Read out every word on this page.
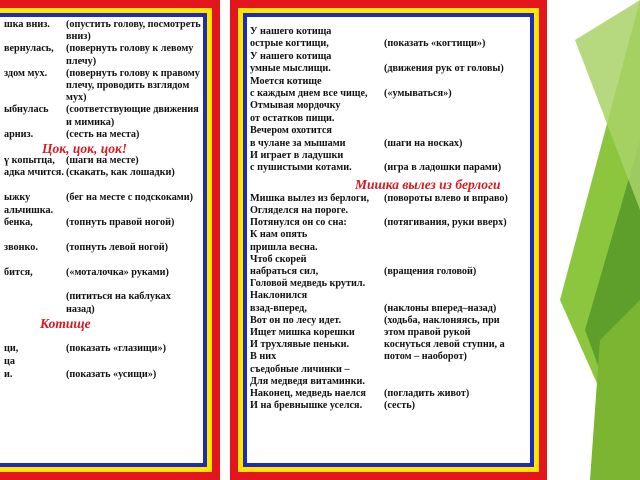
шка вниз. (опустить голову, посмотреть
вниз)
вернулась, (повернуть голову к левому
плечу)
здом мух. (повернуть голову к правому
плечу, проводить взглядом
мух)
ыбнулась (соответствующие движения
и мимика)
арниз.	(сесть на места)
Цок, цок, цок!
ү копытца, (шаги на месте)
адка мчится. (скакать, как лошадки)
ыжку	(бег на месте с подскоками)
альчишка.
бенка,	(топнуть правой ногой)
звонко.	(топнуть левой ногой)
бится,	(«моталочка» руками)
(пититься на каблуках
назад)
Котище
ци,	(показать «глазищи»)
ца
и.	(показать «усищи»)
У нашего котища
острые когтищи,	(показать «когтищи»)
У нашего котища
умные мыслищи.	(движения рук от головы)
Моется котище
с каждым днем все чище, («умываться»)
Отмывая мордочку
от остатков пищи.
Вечером охотится
в чулане за мышами	(шаги на носках)
И играет в ладушки
с пушистыми котами.	(игра в ладошки парами)
Мишка вылез из берлоги
Мишка вылез из берлоги, (повороты влево и вправо)
Огляделся на пороге.
Потянулся он со сна:	(потягивания, руки вверх)
К нам опять
пришла весна.
Чтоб скорей
набраться сил,	(вращения головой)
Головой медведь крутил.
Наклонился
взад-вперед,	(наклоны вперед–назад)
Вот он по лесу идет.	(ходьба, наклоняясь, при
Ищет мишка корешки	этом правой рукой
И трухлявые пеньки.	коснуться левой ступни, а
В них	потом – наоборот)
съедобные личинки –
Для медведя витаминки.
Наконец, медведь наелся (погладить живот)
И на бревнышке уселся. (сесть)
